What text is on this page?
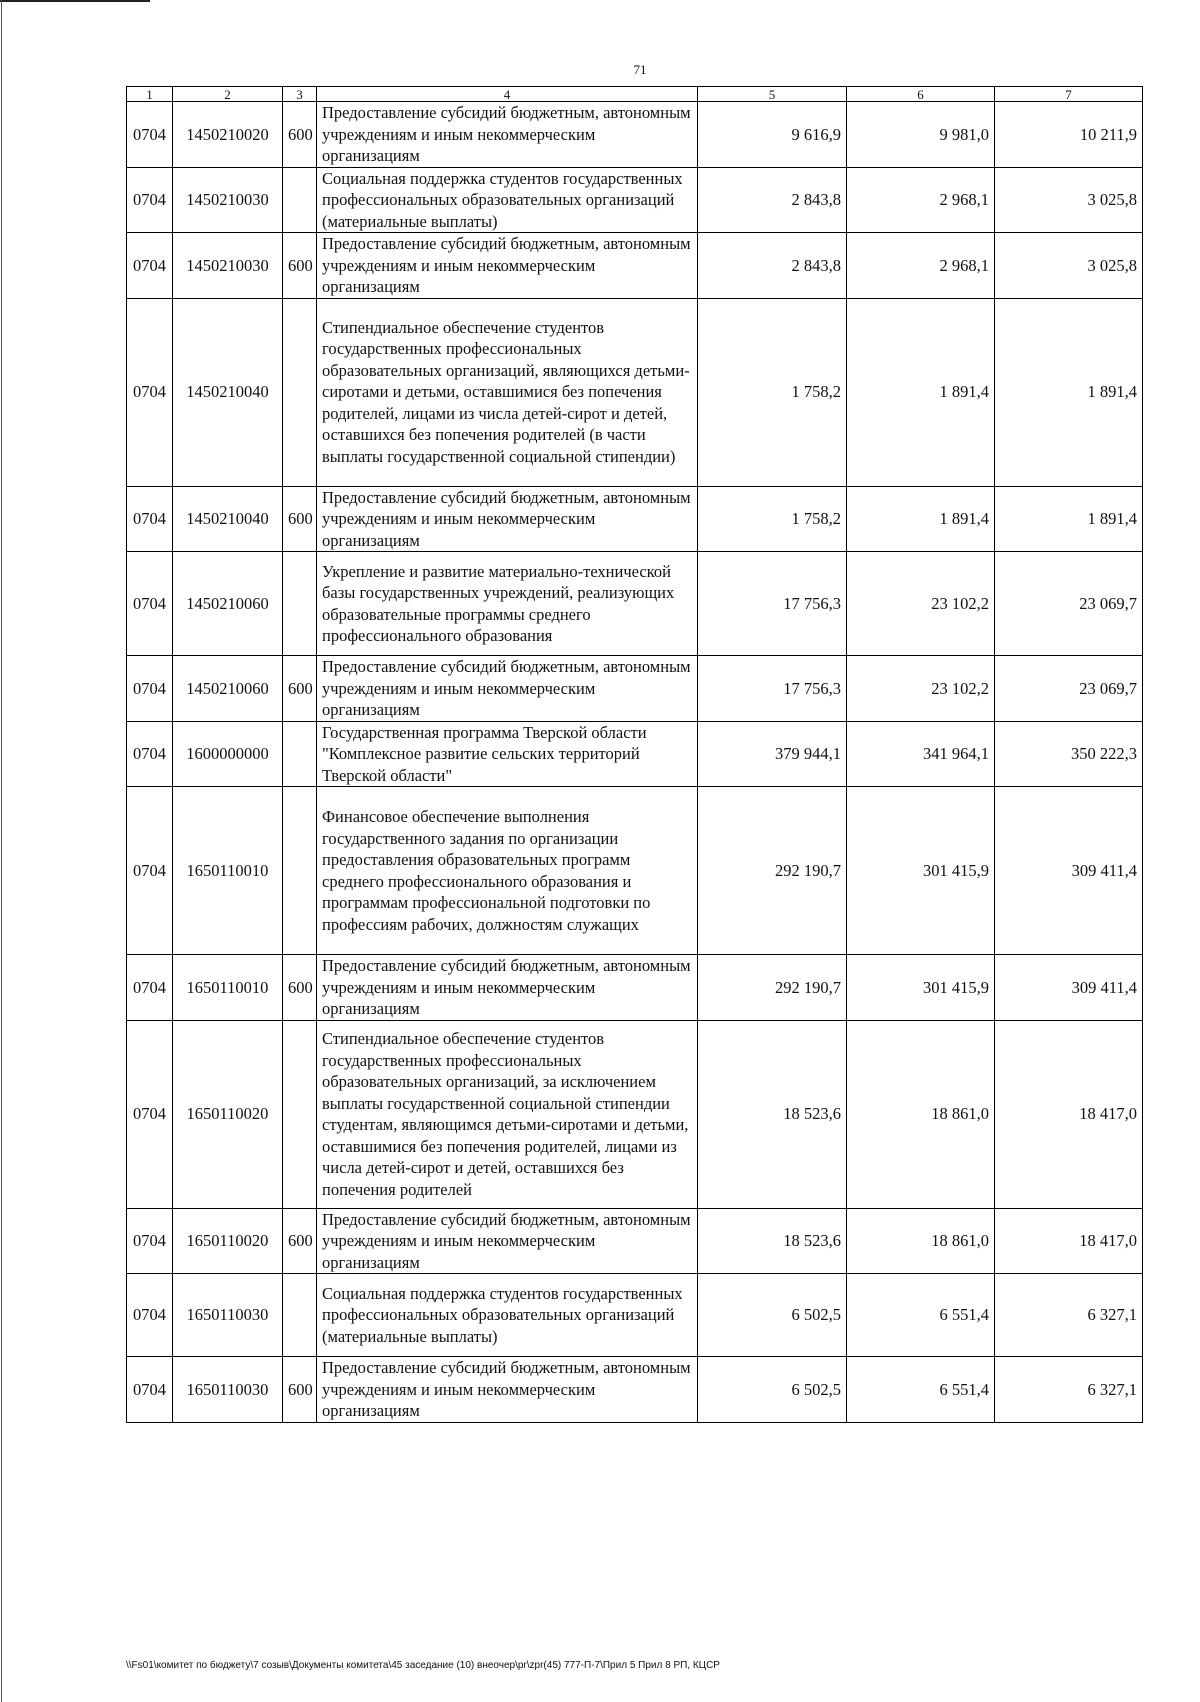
71
1	2	3	4	5	6	7
0704	1450210020	600	Предоставление субсидий бюджетным, автономным учреждениям и иным некоммерческим организациям	9 616,9	9 981,0	10 211,9
0704	1450210030		Социальная поддержка студентов государственных профессиональных образовательных организаций (материальные выплаты)	2 843,8	2 968,1	3 025,8
0704	1450210030	600	Предоставление субсидий бюджетным, автономным учреждениям и иным некоммерческим организациям	2 843,8	2 968,1	3 025,8
0704	1450210040		Стипендиальное обеспечение студентов государственных профессиональных образовательных организаций, являющихся детьми-сиротами и детьми, оставшимися без попечения родителей, лицами из числа детей-сирот и детей, оставшихся без попечения родителей (в части выплаты государственной социальной стипендии)	1 758,2	1 891,4	1 891,4
0704	1450210040	600	Предоставление субсидий бюджетным, автономным учреждениям и иным некоммерческим организациям	1 758,2	1 891,4	1 891,4
0704	1450210060		Укрепление и развитие материально-технической базы государственных учреждений, реализующих образовательные программы среднего профессионального образования	17 756,3	23 102,2	23 069,7
0704	1450210060	600	Предоставление субсидий бюджетным, автономным учреждениям и иным некоммерческим организациям	17 756,3	23 102,2	23 069,7
0704	1600000000		Государственная программа Тверской области "Комплексное развитие сельских территорий Тверской области"	379 944,1	341 964,1	350 222,3
0704	1650110010		Финансовое обеспечение выполнения государственного задания по организации предоставления образовательных программ среднего профессионального образования и программам профессиональной подготовки по профессиям рабочих, должностям служащих	292 190,7	301 415,9	309 411,4
0704	1650110010	600	Предоставление субсидий бюджетным, автономным учреждениям и иным некоммерческим организациям	292 190,7	301 415,9	309 411,4
0704	1650110020		Стипендиальное обеспечение студентов государственных профессиональных образовательных организаций, за исключением выплаты государственной социальной стипендии студентам, являющимся детьми-сиротами и детьми, оставшимися без попечения родителей, лицами из числа детей-сирот и детей, оставшихся без попечения родителей	18 523,6	18 861,0	18 417,0
0704	1650110020	600	Предоставление субсидий бюджетным, автономным учреждениям и иным некоммерческим организациям	18 523,6	18 861,0	18 417,0
0704	1650110030		Социальная поддержка студентов государственных профессиональных образовательных организаций (материальные выплаты)	6 502,5	6 551,4	6 327,1
0704	1650110030	600	Предоставление субсидий бюджетным, автономным учреждениям и иным некоммерческим организациям	6 502,5	6 551,4	6 327,1
\\Fs01\комитет по бюджету\7 созыв\Документы комитета\45 заседание (10) внеочер\pr\zpr(45) 777-П-7\Прил 5 Прил 8 РП, КЦСР
